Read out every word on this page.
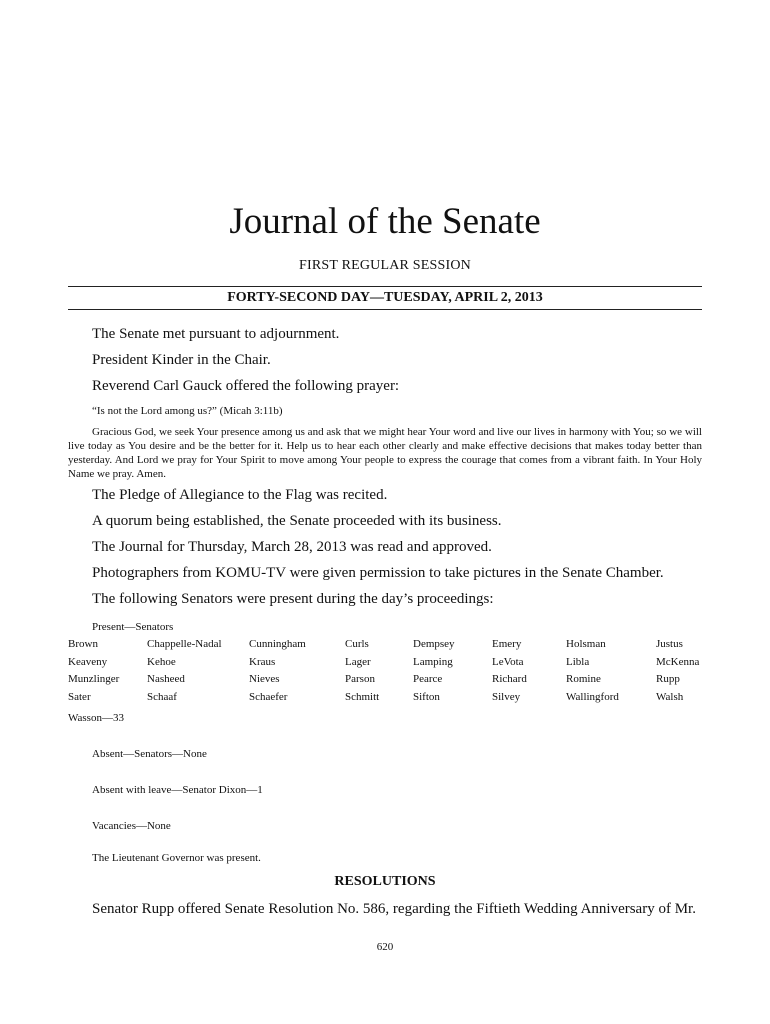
Journal of the Senate
FIRST REGULAR SESSION
FORTY-SECOND DAY—TUESDAY, APRIL 2, 2013
The Senate met pursuant to adjournment.
President Kinder in the Chair.
Reverend Carl Gauck offered the following prayer:
“Is not the Lord among us?” (Micah 3:11b)
Gracious God, we seek Your presence among us and ask that we might hear Your word and live our lives in harmony with You; so we will live today as You desire and be the better for it. Help us to hear each other clearly and make effective decisions that makes today better than yesterday. And Lord we pray for Your Spirit to move among Your people to express the courage that comes from a vibrant faith. In Your Holy Name we pray. Amen.
The Pledge of Allegiance to the Flag was recited.
A quorum being established, the Senate proceeded with its business.
The Journal for Thursday, March 28, 2013 was read and approved.
Photographers from KOMU-TV were given permission to take pictures in the Senate Chamber.
The following Senators were present during the day’s proceedings:
Present—Senators
Brown	Chappelle-Nadal Cunningham	Curls	Dempsey	Emery	Holsman	Justus
Keaveny	Kehoe	Kraus	Lager	Lamping	LeVota	Libla	McKenna
Munzlinger	Nasheed	Nieves	Parson	Pearce	Richard	Romine	Rupp
Sater	Schaaf	Schaefer	Schmitt	Sifton	Silvey	Wallingford	Walsh
Wasson—33
Absent—Senators—None
Absent with leave—Senator Dixon—1
Vacancies—None
The Lieutenant Governor was present.
RESOLUTIONS
Senator Rupp offered Senate Resolution No. 586, regarding the Fiftieth Wedding Anniversary of Mr.
620
